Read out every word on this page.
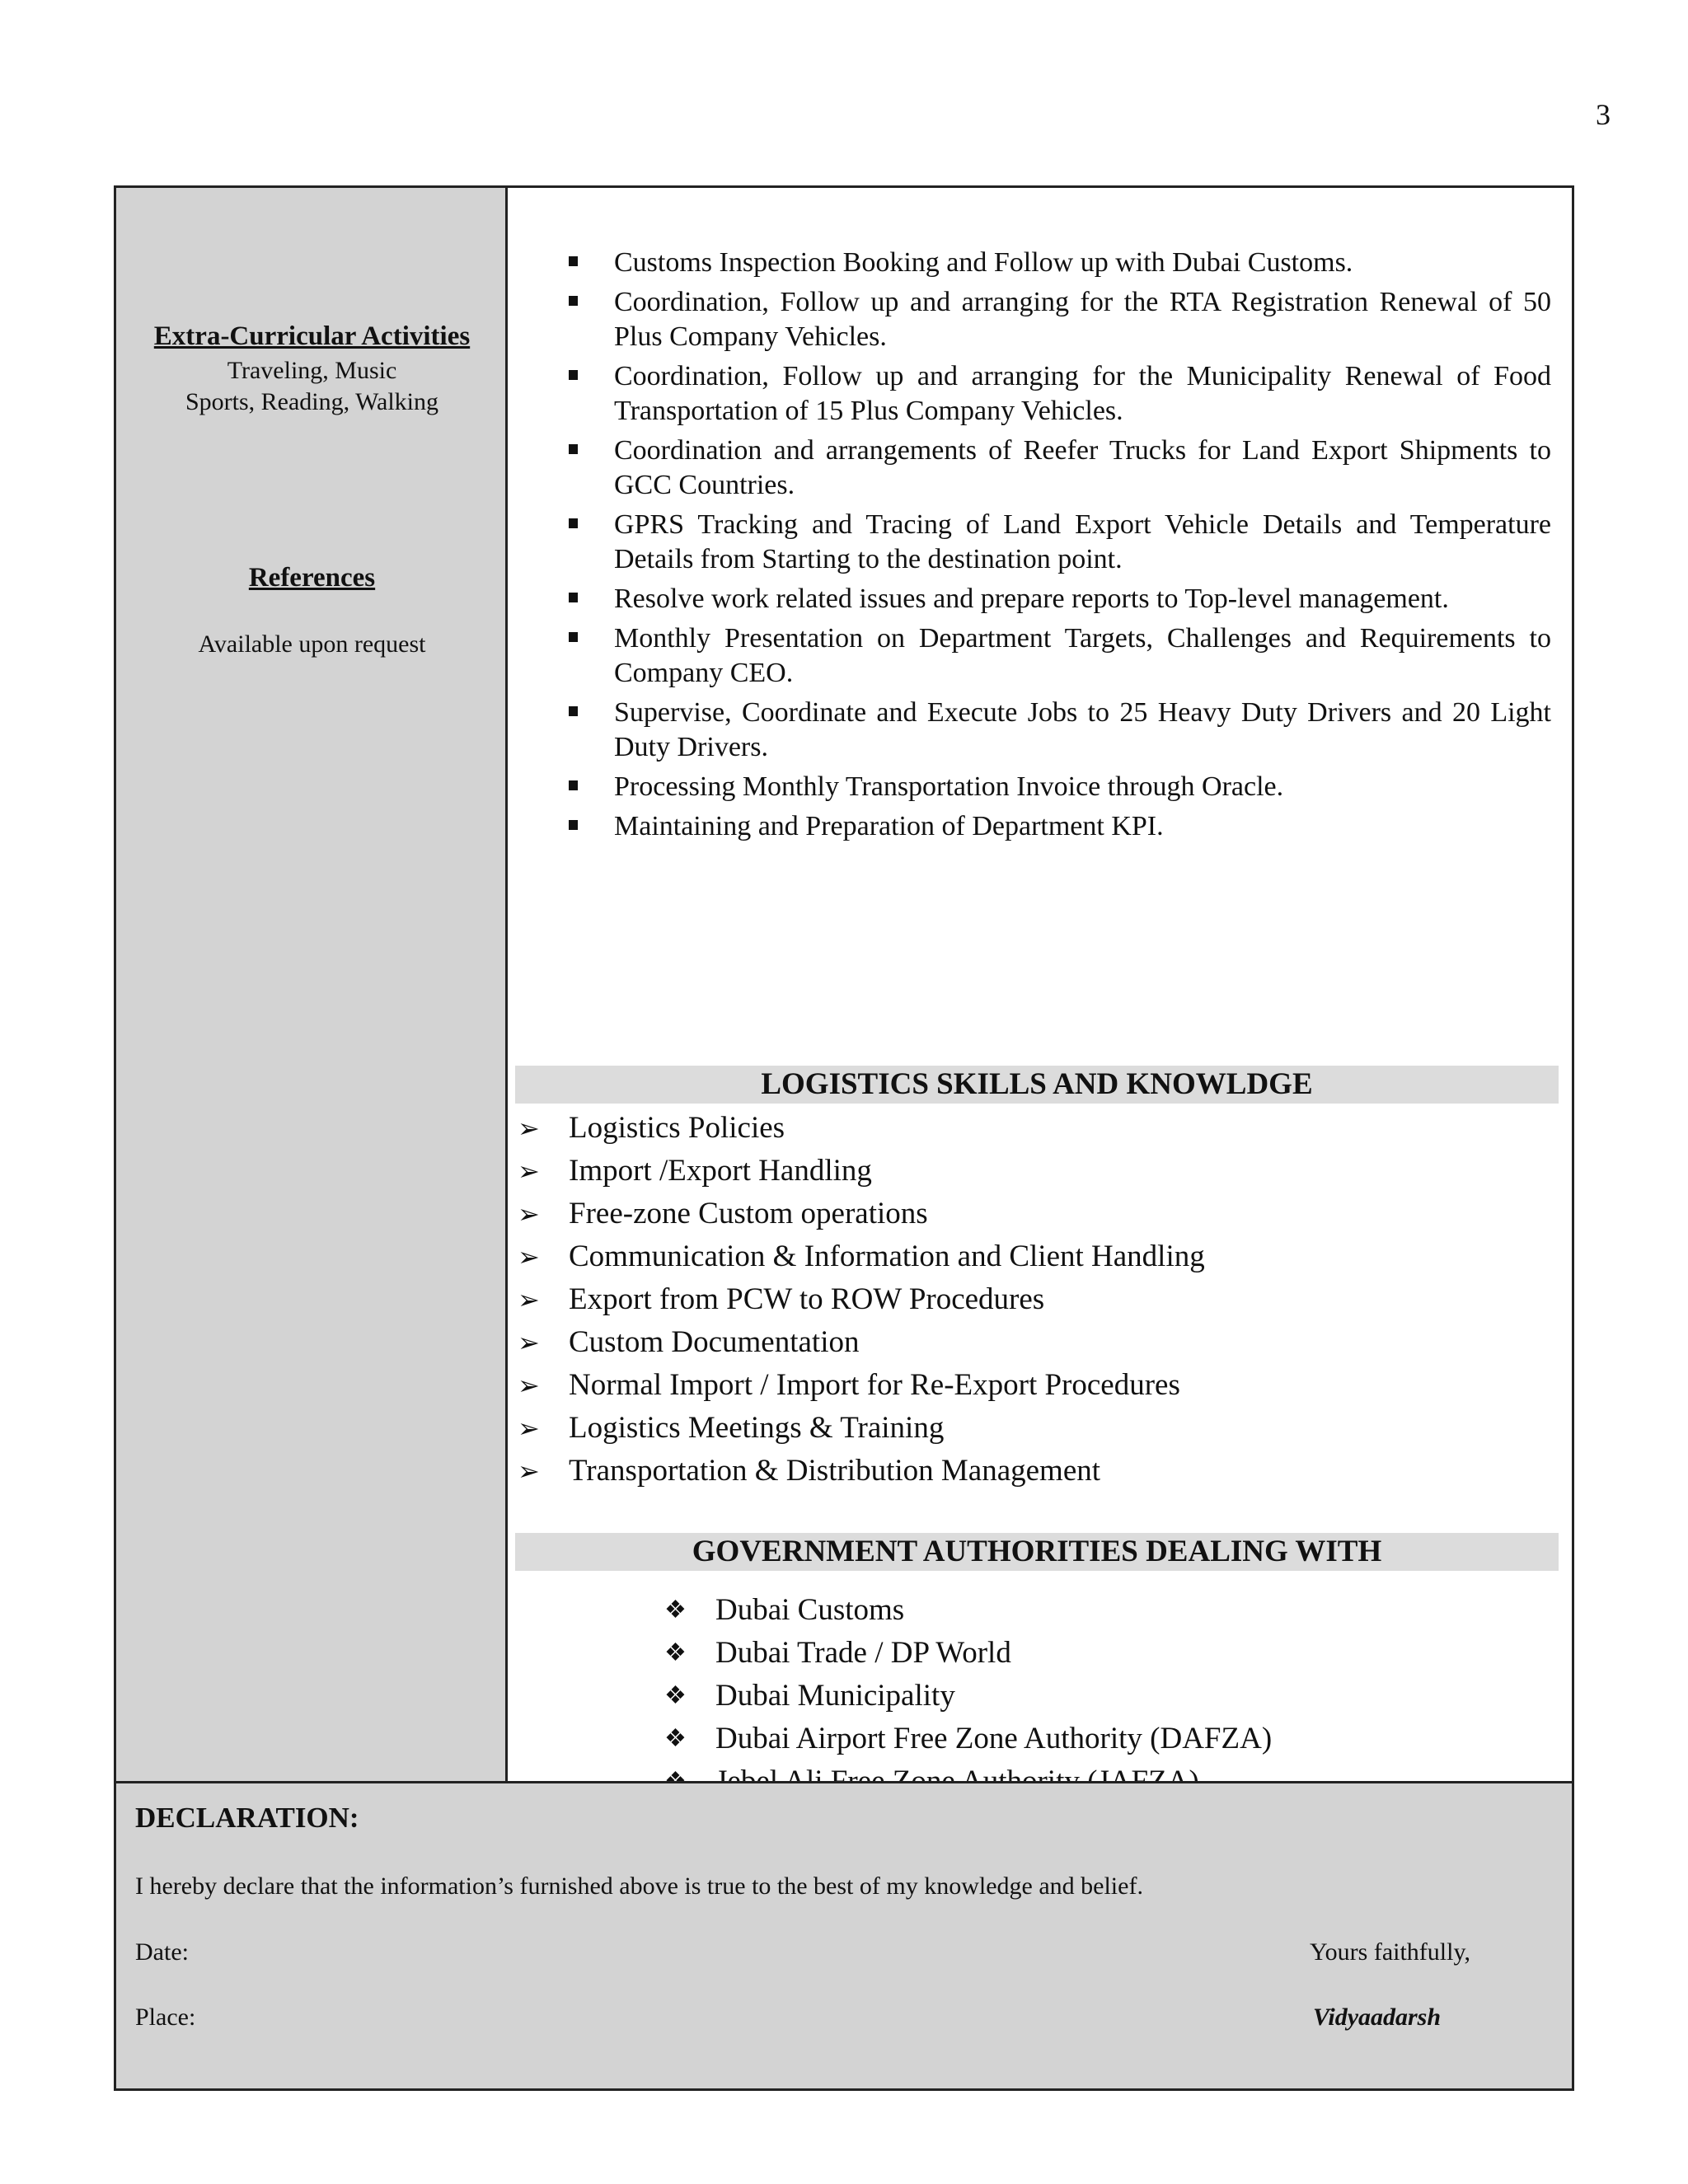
3
Extra-Curricular Activities
Traveling, Music
Sports, Reading, Walking
References
Available upon request
Customs Inspection Booking and Follow up with Dubai Customs.
Coordination, Follow up and arranging for the RTA Registration Renewal of 50 Plus Company Vehicles.
Coordination, Follow up and arranging for the Municipality Renewal of Food Transportation of 15 Plus Company Vehicles.
Coordination and arrangements of Reefer Trucks for Land Export Shipments to GCC Countries.
GPRS Tracking and Tracing of Land Export Vehicle Details and Temperature Details from Starting to the destination point.
Resolve work related issues and prepare reports to Top-level management.
Monthly Presentation on Department Targets, Challenges and Requirements to Company CEO.
Supervise, Coordinate and Execute Jobs to 25 Heavy Duty Drivers and 20 Light Duty Drivers.
Processing Monthly Transportation Invoice through Oracle.
Maintaining and Preparation of Department KPI.
LOGISTICS SKILLS AND KNOWLDGE
➢ Logistics Policies
➢ Import /Export Handling
➢ Free-zone Custom operations
➢ Communication & Information and Client Handling
➢ Export from PCW to ROW Procedures
➢ Custom Documentation
➢ Normal Import / Import for Re-Export Procedures
➢ Logistics Meetings & Training
➢ Transportation & Distribution Management
GOVERNMENT AUTHORITIES DEALING WITH
❖ Dubai Customs
❖ Dubai Trade / DP World
❖ Dubai Municipality
❖ Dubai Airport Free Zone Authority (DAFZA)
DECLARATION:
I hereby declare that the information’s furnished above is true to the best of my knowledge and belief.
Date:	Yours faithfully,
Place:	Vidyaadarsh
